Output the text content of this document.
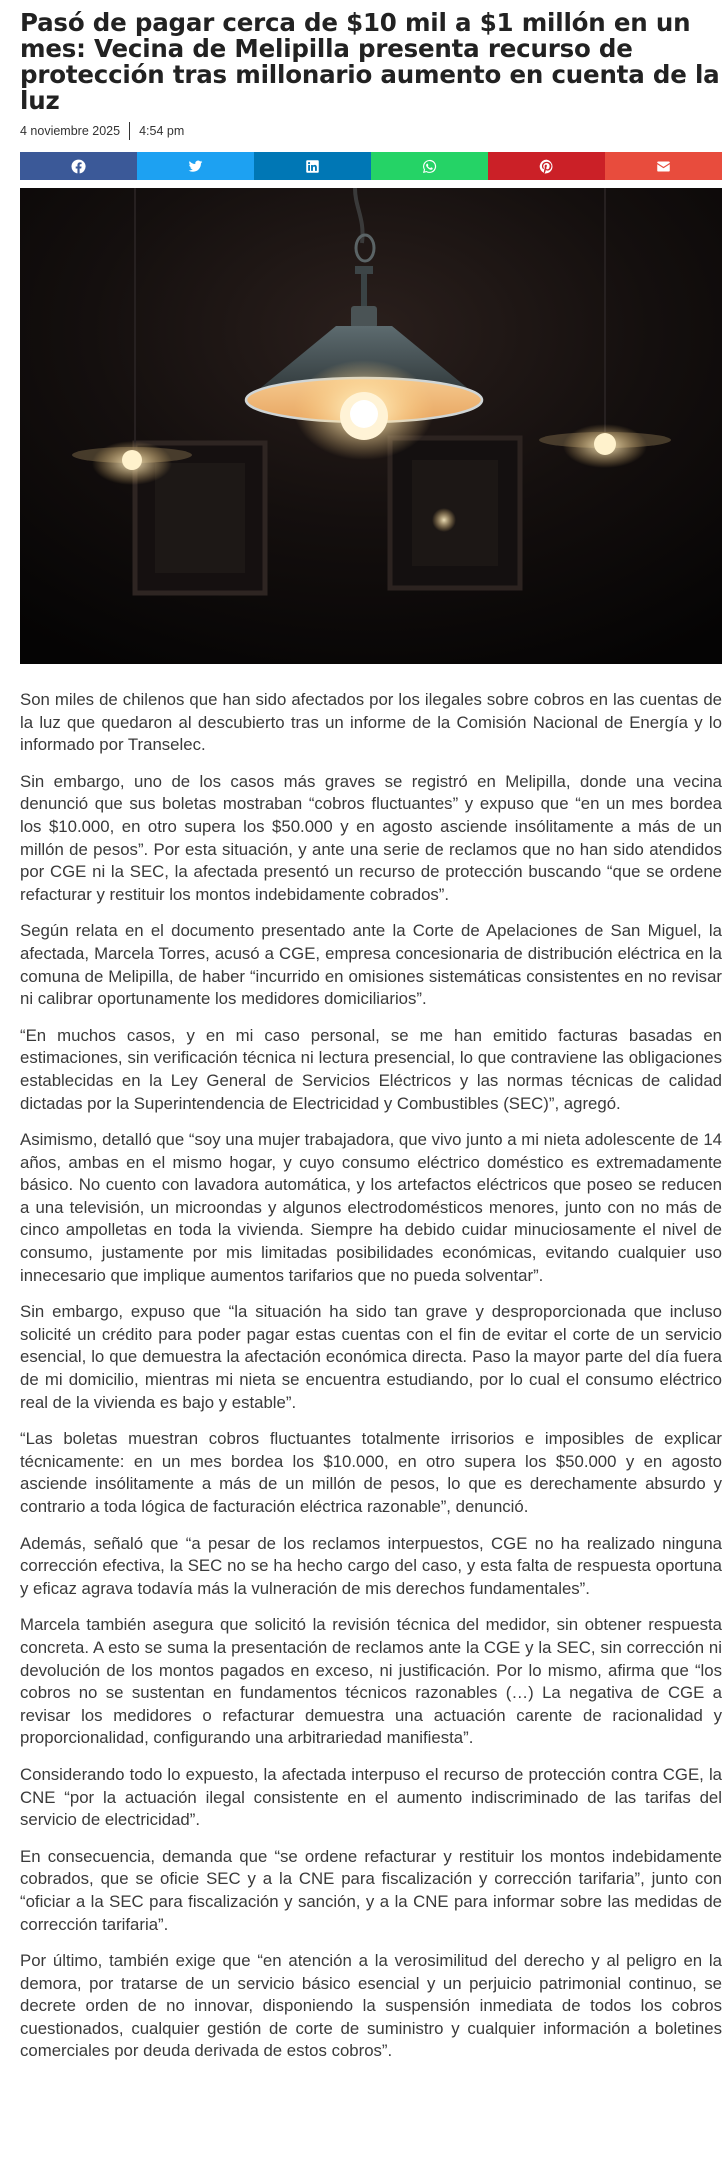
Pasó de pagar cerca de $10 mil a $1 millón en un mes: Vecina de Melipilla presenta recurso de protección tras millonario aumento en cuenta de la luz
4 noviembre 2025 4:54 pm

Son miles de chilenos que han sido afectados por los ilegales sobre cobros en las cuentas de la luz que quedaron al descubierto tras un informe de la Comisión Nacional de Energía y lo informado por Transelec.

Sin embargo, uno de los casos más graves se registró en Melipilla, donde una vecina denunció que sus boletas mostraban “cobros fluctuantes” y expuso que “en un mes bordea los $10.000, en otro supera los $50.000 y en agosto asciende insólitamente a más de un millón de pesos”. Por esta situación, y ante una serie de reclamos que no han sido atendidos por CGE ni la SEC, la afectada presentó un recurso de protección buscando “que se ordene refacturar y restituir los montos indebidamente cobrados”.

Según relata en el documento presentado ante la Corte de Apelaciones de San Miguel, la afectada, Marcela Torres, acusó a CGE, empresa concesionaria de distribución eléctrica en la comuna de Melipilla, de haber “incurrido en omisiones sistemáticas consistentes en no revisar ni calibrar oportunamente los medidores domiciliarios”.

“En muchos casos, y en mi caso personal, se me han emitido facturas basadas en estimaciones, sin verificación técnica ni lectura presencial, lo que contraviene las obligaciones establecidas en la Ley General de Servicios Eléctricos y las normas técnicas de calidad dictadas por la Superintendencia de Electricidad y Combustibles (SEC)”, agregó.

Asimismo, detalló que “soy una mujer trabajadora, que vivo junto a mi nieta adolescente de 14 años, ambas en el mismo hogar, y cuyo consumo eléctrico doméstico es extremadamente básico. No cuento con lavadora automática, y los artefactos eléctricos que poseo se reducen a una televisión, un microondas y algunos electrodomésticos menores, junto con no más de cinco ampolletas en toda la vivienda. Siempre ha debido cuidar minuciosamente el nivel de consumo, justamente por mis limitadas posibilidades económicas, evitando cualquier uso innecesario que implique aumentos tarifarios que no pueda solventar”.

Sin embargo, expuso que “la situación ha sido tan grave y desproporcionada que incluso solicité un crédito para poder pagar estas cuentas con el fin de evitar el corte de un servicio esencial, lo que demuestra la afectación económica directa. Paso la mayor parte del día fuera de mi domicilio, mientras mi nieta se encuentra estudiando, por lo cual el consumo eléctrico real de la vivienda es bajo y estable”.

“Las boletas muestran cobros fluctuantes totalmente irrisorios e imposibles de explicar técnicamente: en un mes bordea los $10.000, en otro supera los $50.000 y en agosto asciende insólitamente a más de un millón de pesos, lo que es derechamente absurdo y contrario a toda lógica de facturación eléctrica razonable”, denunció.

Además, señaló que “a pesar de los reclamos interpuestos, CGE no ha realizado ninguna corrección efectiva, la SEC no se ha hecho cargo del caso, y esta falta de respuesta oportuna y eficaz agrava todavía más la vulneración de mis derechos fundamentales”.

Marcela también asegura que solicitó la revisión técnica del medidor, sin obtener respuesta concreta. A esto se suma la presentación de reclamos ante la CGE y la SEC, sin corrección ni devolución de los montos pagados en exceso, ni justificación. Por lo mismo, afirma que “los cobros no se sustentan en fundamentos técnicos razonables (…) La negativa de CGE a revisar los medidores o refacturar demuestra una actuación carente de racionalidad y proporcionalidad, configurando una arbitrariedad manifiesta”.

Considerando todo lo expuesto, la afectada interpuso el recurso de protección contra CGE, la CNE “por la actuación ilegal consistente en el aumento indiscriminado de las tarifas del servicio de electricidad”.

En consecuencia, demanda que “se ordene refacturar y restituir los montos indebidamente cobrados, que se oficie SEC y a la CNE para fiscalización y corrección tarifaria”, junto con “oficiar a la SEC para fiscalización y sanción, y a la CNE para informar sobre las medidas de corrección tarifaria”.

Por último, también exige que “en atención a la verosimilitud del derecho y al peligro en la demora, por tratarse de un servicio básico esencial y un perjuicio patrimonial continuo, se decrete orden de no innovar, disponiendo la suspensión inmediata de todos los cobros cuestionados, cualquier gestión de corte de suministro y cualquier información a boletines comerciales por deuda derivada de estos cobros”.
